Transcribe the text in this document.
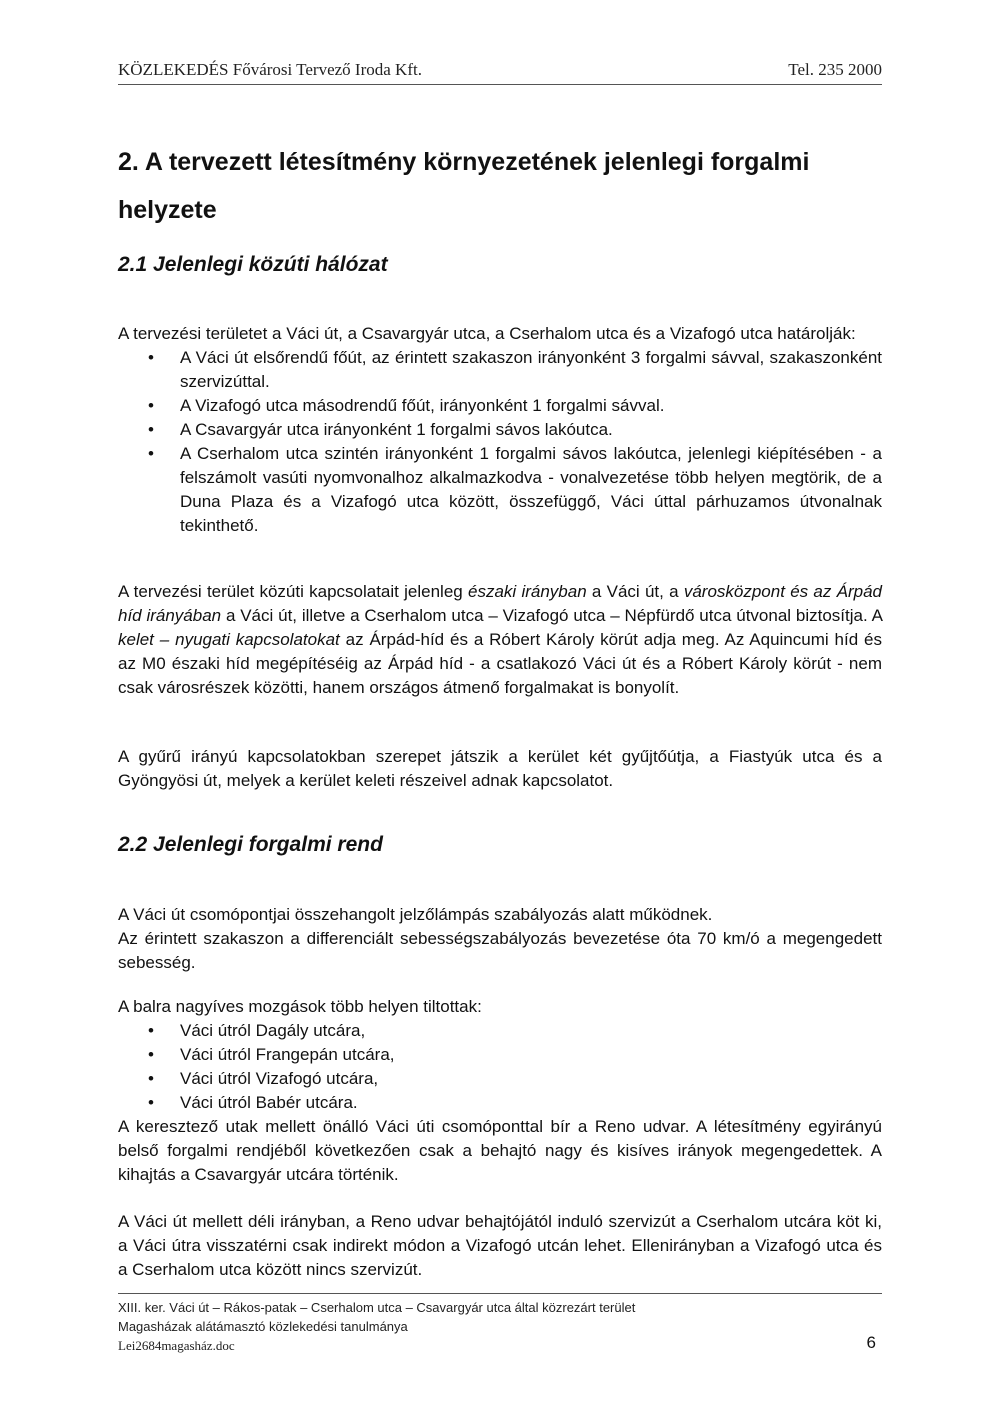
KÖZLEKEDÉS Fővárosi Tervező Iroda Kft.	Tel. 235 2000
2. A tervezett létesítmény környezetének jelenlegi forgalmi helyzete
2.1 Jelenlegi közúti hálózat

A tervezési területet a Váci út, a Csavargyár utca, a Cserhalom utca és a Vizafogó utca határolják:

• A Váci út elsőrendű főút, az érintett szakaszon irányonként 3 forgalmi sávval, szakaszonként szervizúttal.
• A Vizafogó utca másodrendű főút, irányonként 1 forgalmi sávval.
• A Csavargyár utca irányonként 1 forgalmi sávos lakóutca.
• A Cserhalom utca szintén irányonként 1 forgalmi sávos lakóutca, jelenlegi kiépítésében - a felszámolt vasúti nyomvonalhoz alkalmazkodva - vonalvezetése több helyen megtörik, de a Duna Plaza és a Vizafogó utca között, összefüggő, Váci úttal párhuzamos útvonalnak tekinthető.

A tervezési terület közúti kapcsolatait jelenleg északi irányban a Váci út, a városközpont és az Árpád híd irányában a Váci út, illetve a Cserhalom utca – Vizafogó utca – Népfürdő utca útvonal biztosítja. A kelet – nyugati kapcsolatokat az Árpád-híd és a Róbert Károly körút adja meg. Az Aquincumi híd és az M0 északi híd megépítéséig az Árpád híd - a csatlakozó Váci út és a Róbert Károly körút - nem csak városrészek közötti, hanem országos átmenő forgalmakat is bonyolít.

A gyűrű irányú kapcsolatokban szerepet játszik a kerület két gyűjtőútja, a Fiastyúk utca és a Gyöngyösi út, melyek a kerület keleti részeivel adnak kapcsolatot.

2.2 Jelenlegi forgalmi rend

A Váci út csomópontjai összehangolt jelzőlámpás szabályozás alatt működnek.

Az érintett szakaszon a differenciált sebességszabályozás bevezetése óta 70 km/ó a megengedett sebesség.

A balra nagyíves mozgások több helyen tiltottak:

• Váci útról Dagály utcára,
• Váci útról Frangepán utcára,
• Váci útról Vizafogó utcára,
• Váci útról Babér utcára.

A keresztező utak mellett önálló Váci úti csomóponttal bír a Reno udvar. A létesítmény egyirányú belső forgalmi rendjéből következően csak a behajtó nagy és kisíves irányok megengedettek. A kihajtás a Csavargyár utcára történik.

A Váci út mellett déli irányban, a Reno udvar behajtójától induló szervizút a Cserhalom utcára köt ki, a Váci útra visszatérni csak indirekt módon a Vizafogó utcán lehet. Ellenirányban a Vizafogó utca és a Cserhalom utca között nincs szervizút.

XIII. ker. Váci út – Rákos-patak – Cserhalom utca – Csavargyár utca által közrezárt terület
Magasházak alátámasztó közlekedési tanulmánya
Lei2684magasház.doc	6
